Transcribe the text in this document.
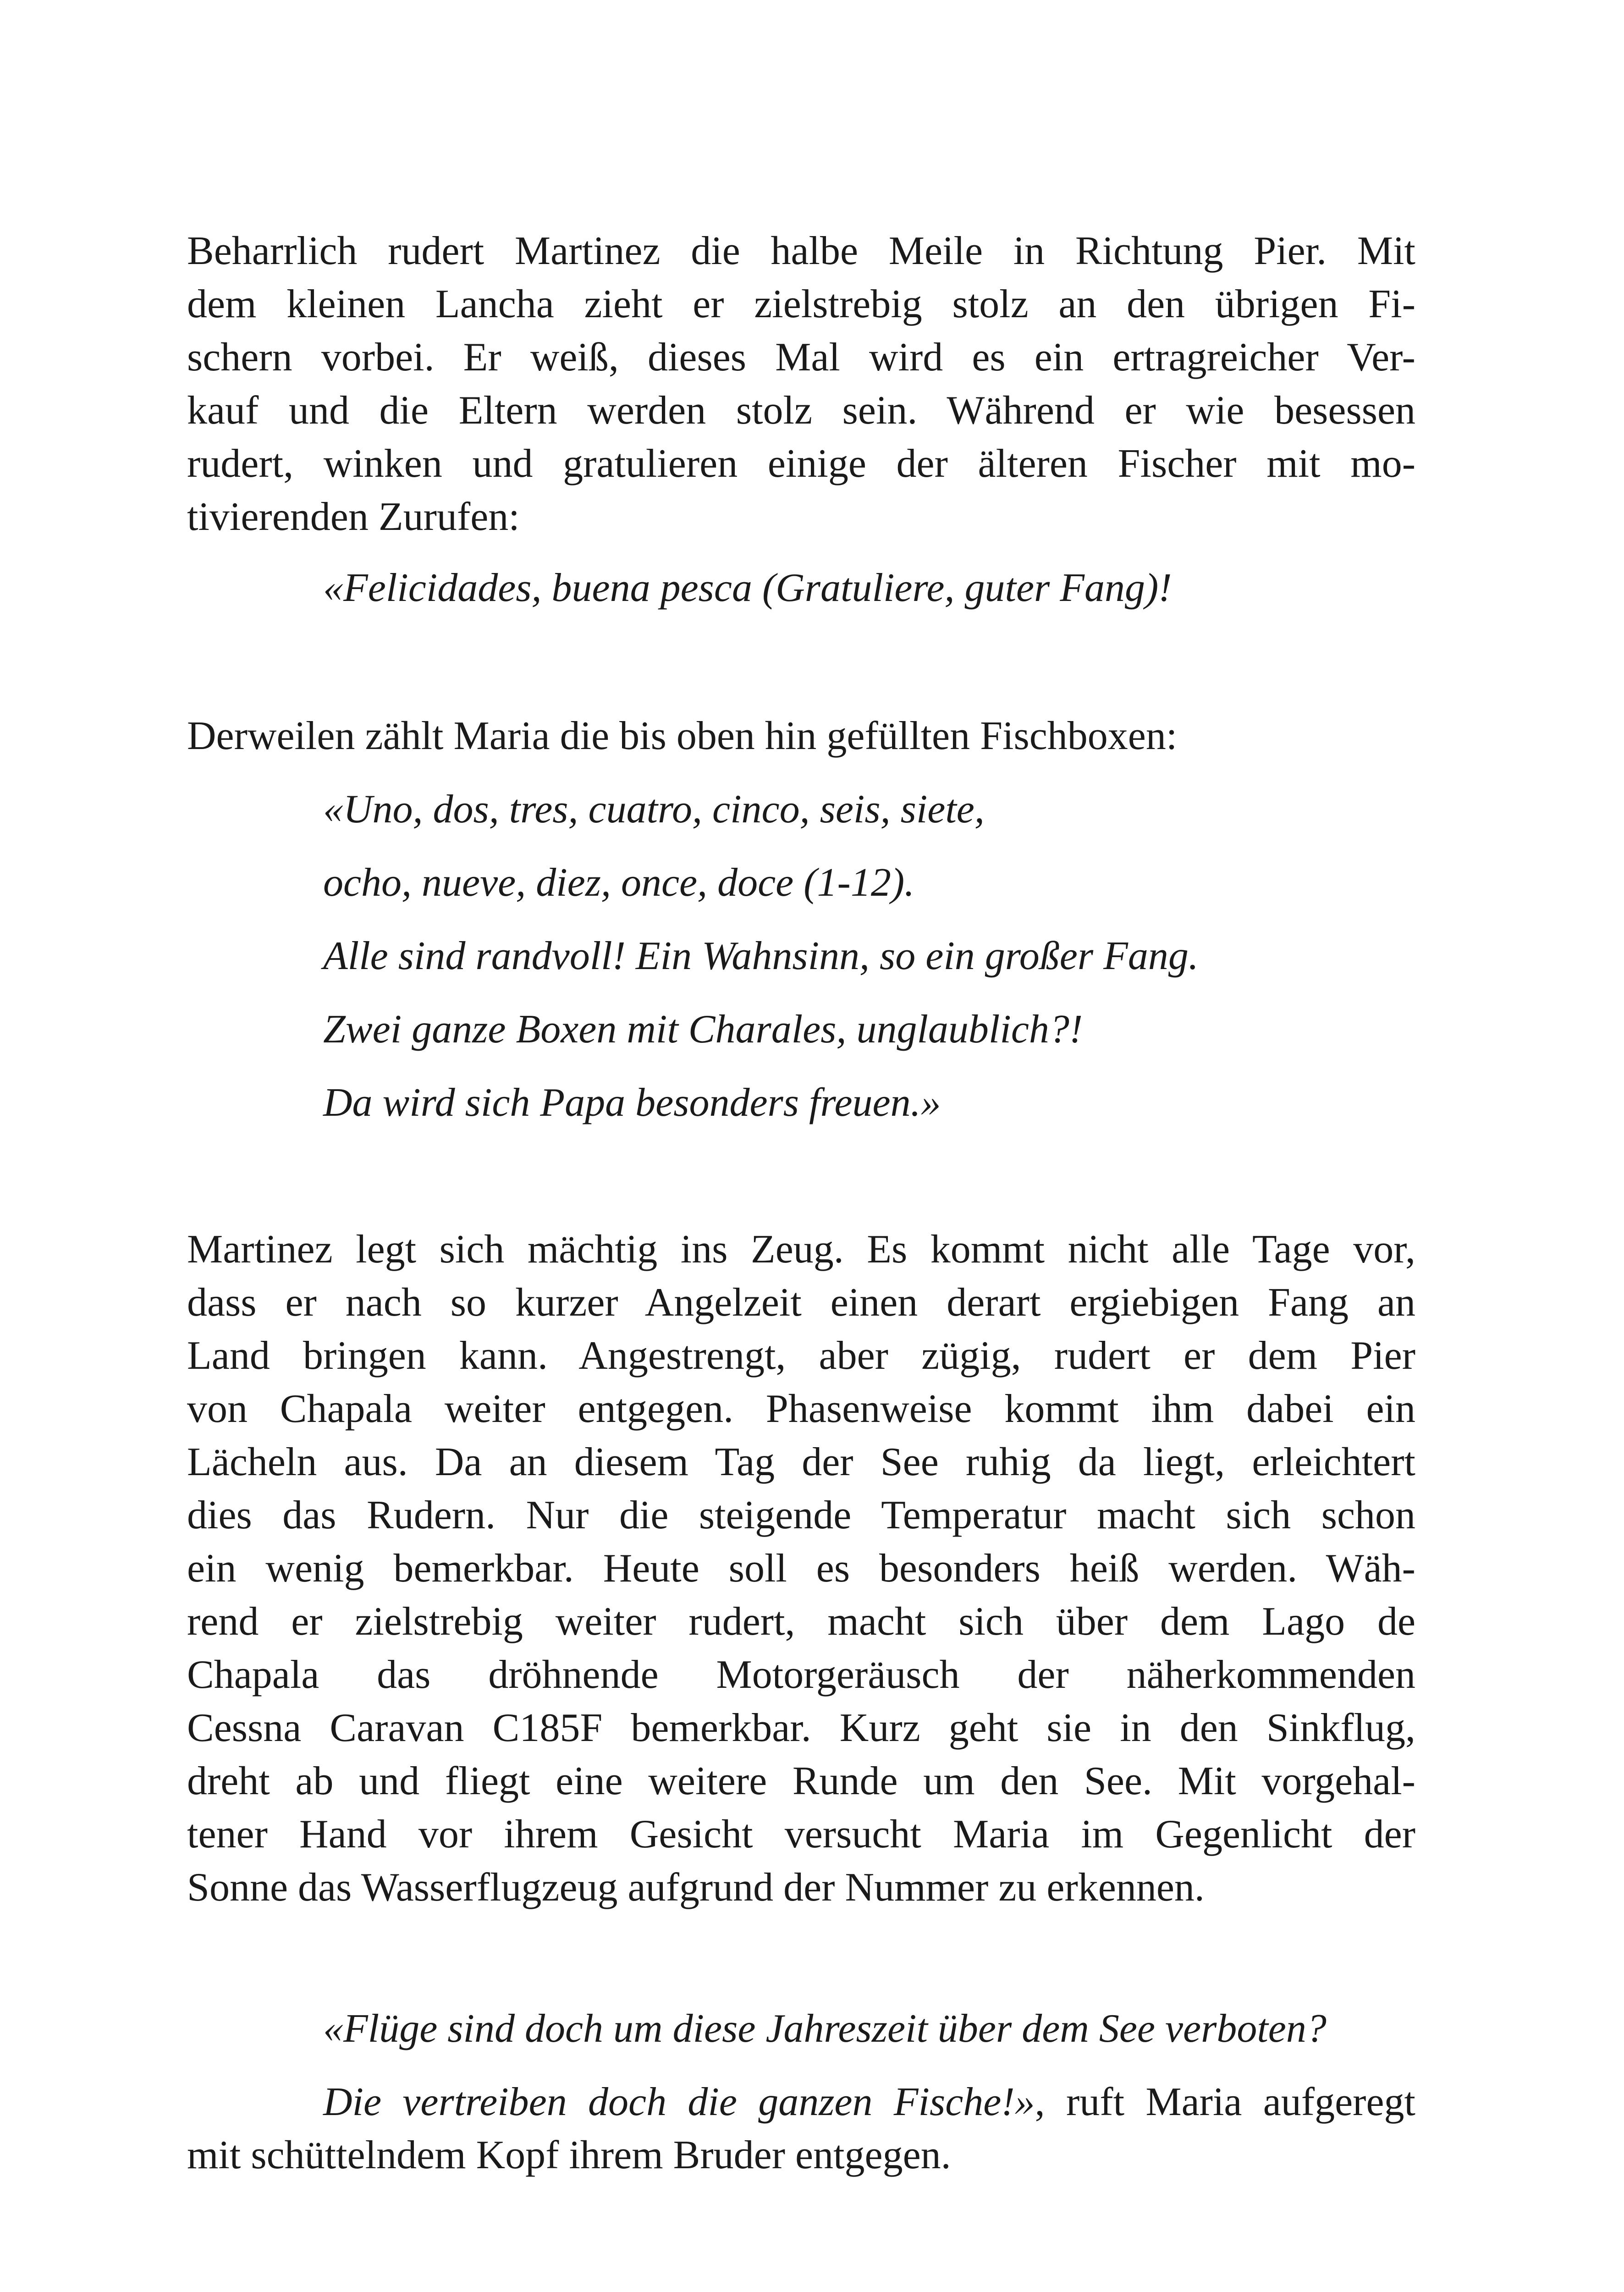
Beharrlich rudert Martinez die halbe Meile in Richtung Pier. Mit
dem kleinen Lancha zieht er zielstrebig stolz an den übrigen Fi-
schern vorbei. Er weiß, dieses Mal wird es ein ertragreicher Ver-
kauf und die Eltern werden stolz sein. Während er wie besessen
rudert, winken und gratulieren einige der älteren Fischer mit mo-
tivierenden Zurufen:
«Felicidades, buena pesca (Gratuliere, guter Fang)!
Derweilen zählt Maria die bis oben hin gefüllten Fischboxen:
«Uno, dos, tres, cuatro, cinco, seis, siete,
ocho, nueve, diez, once, doce (1-12).
Alle sind randvoll! Ein Wahnsinn, so ein großer Fang.
Zwei ganze Boxen mit Charales, unglaublich?!
Da wird sich Papa besonders freuen.»
Martinez legt sich mächtig ins Zeug. Es kommt nicht alle Tage vor,
dass er nach so kurzer Angelzeit einen derart ergiebigen Fang an
Land bringen kann. Angestrengt, aber zügig, rudert er dem Pier
von Chapala weiter entgegen. Phasenweise kommt ihm dabei ein
Lächeln aus. Da an diesem Tag der See ruhig da liegt, erleichtert
dies das Rudern. Nur die steigende Temperatur macht sich schon
ein wenig bemerkbar. Heute soll es besonders heiß werden. Wäh-
rend er zielstrebig weiter rudert, macht sich über dem Lago de
Chapala das dröhnende Motorgeräusch der näherkommenden
Cessna Caravan C185F bemerkbar. Kurz geht sie in den Sinkflug,
dreht ab und fliegt eine weitere Runde um den See. Mit vorgehal-
tener Hand vor ihrem Gesicht versucht Maria im Gegenlicht der
Sonne das Wasserflugzeug aufgrund der Nummer zu erkennen.
«Flüge sind doch um diese Jahreszeit über dem See verboten?
Die vertreiben doch die ganzen Fische!», ruft Maria aufgeregt
mit schüttelndem Kopf ihrem Bruder entgegen.
